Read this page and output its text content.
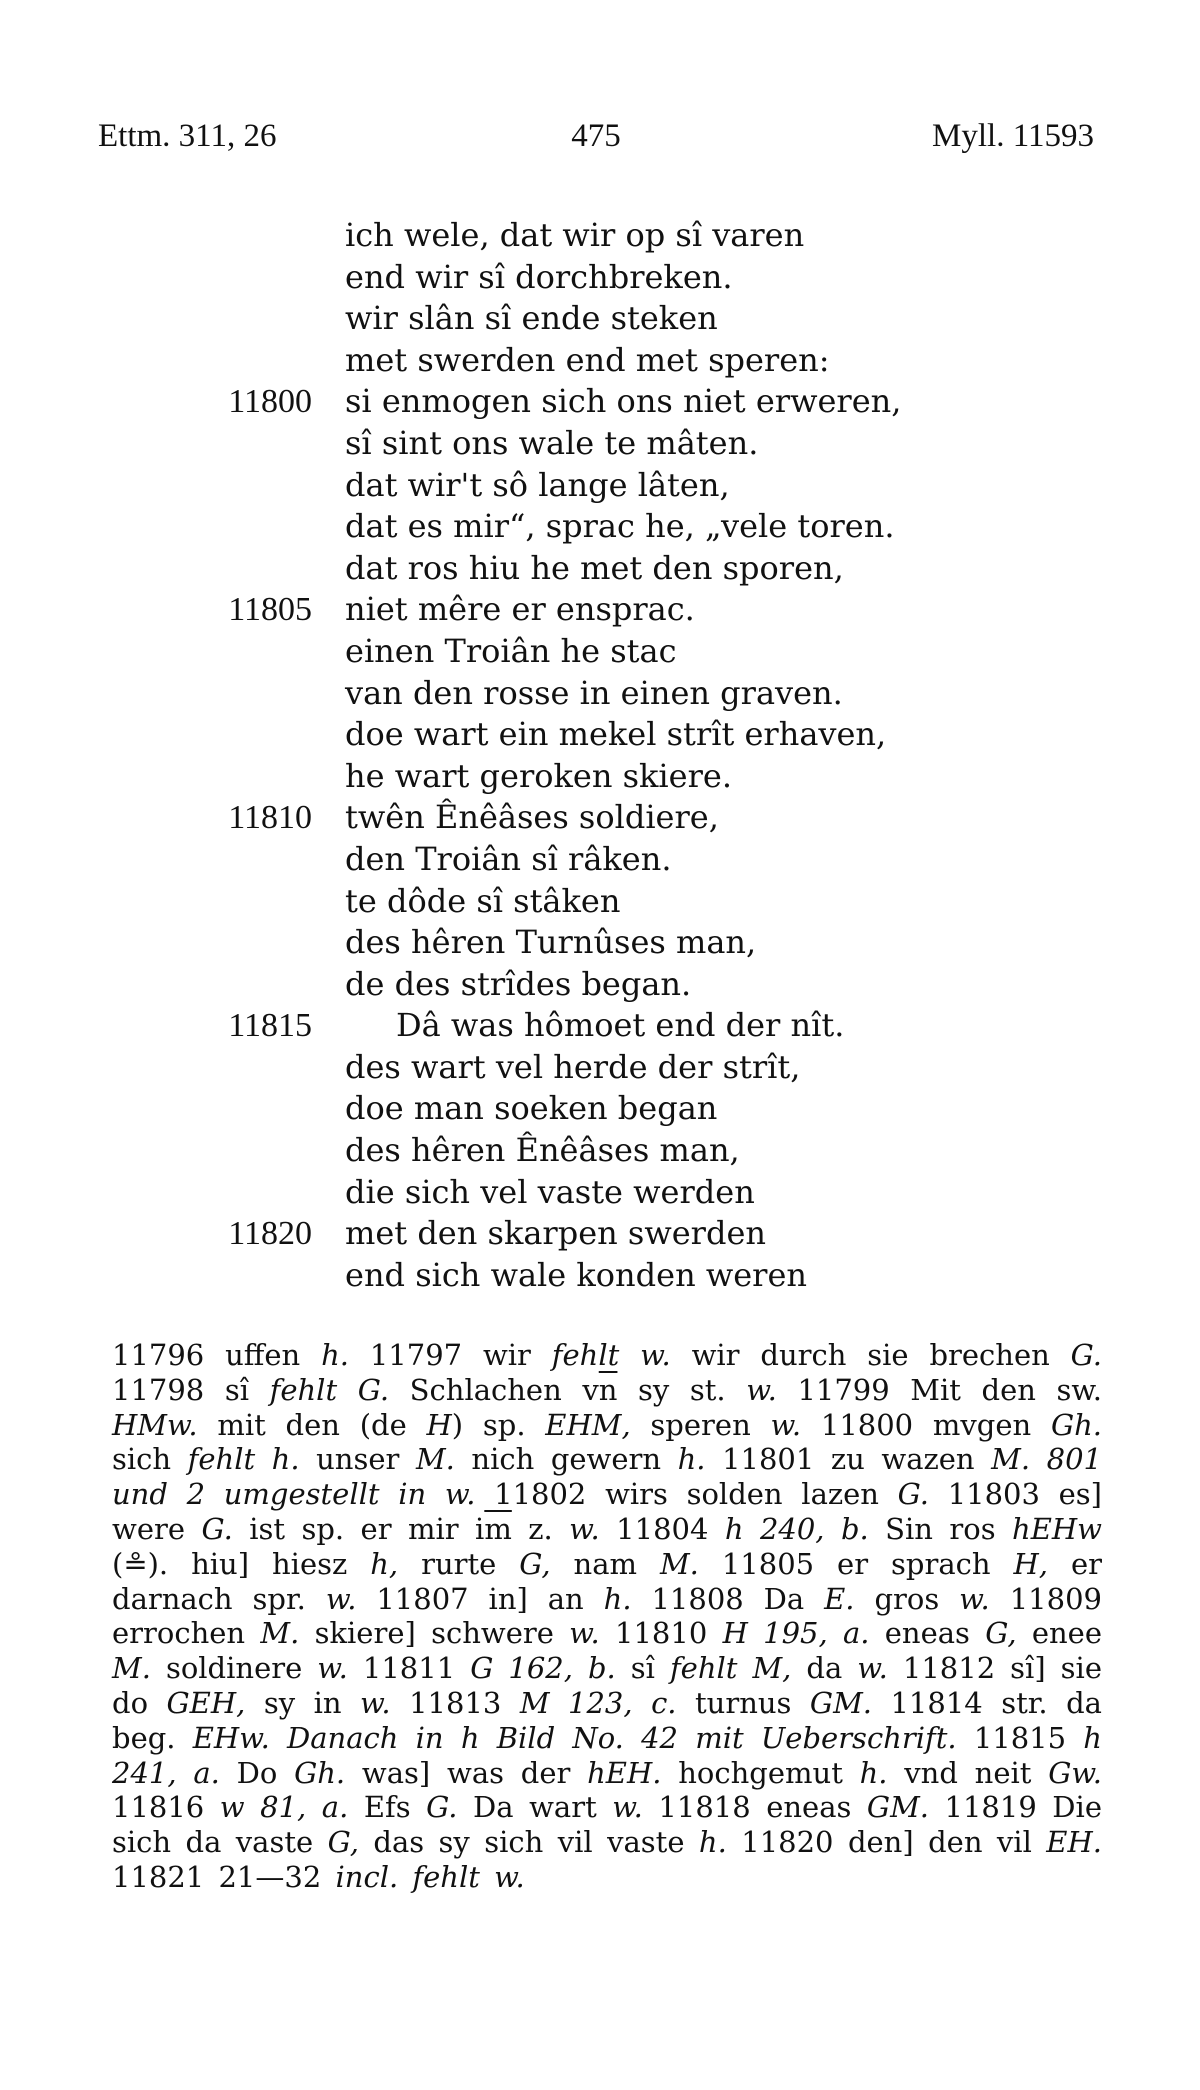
Ettm. 311, 26	475	Myll. 11593
ich wele, dat wir op sî varen
end wir sî dorchbreken.
wir slân sî ende steken
met swerden end met speren:
11800 si enmogen sich ons niet erweren,
sî sint ons wale te mâten.
dat wir't sô lange lâten,
dat es mir“, sprac he, „vele toren.
dat ros hiu he met den sporen,
11805 niet mêre er ensprac.
einen Troiân he stac
van den rosse in einen graven.
doe wart ein mekel strît erhaven,
he wart geroken skiere.
11810 twên Ênêâses soldiere,
den Troiân sî râken.
te dôde sî stâken
des hêren Turnûses man,
de des strîdes began.
11815	Dâ was hômoet end der nît.
des wart vel herde der strît,
doe man soeken began
des hêren Ênêâses man,
die sich vel vaste werden
11820 met den skarpen swerden
end sich wale konden weren

11796 uffen h. 11797 wir fehlt w. wir durch sie brechen G. 11798 sî fehlt G. Schlachen $v\overline{n}$ sy st. w. 11799 Mit den sw. HMw. mit den (de H) sp. EHM, speren w. 11800 mvgen Gh. sich fehlt h. unser M. nich gewern h. 11801 zu wazen M. 801 und 2 umgestellt in w. 11802 wirs solden lazen G. 11803 es] were G. ist sp. er mir $i\overline{m}$ z. w. 11804 h 240, b. Sin ros hEHw (≗). hiu] hiesz h, rurte G, nam M. 11805 er sprach H, er darnach spr. w. 11807 in] an h. 11808 Da E. gros w. 11809 errochen M. skiere] schwere w. 11810 H 195, a. eneas G, enee M. soldinere w. 11811 G 162, b. sî fehlt M, da w. 11812 sî] sie do GEH, sy in w. 11813 M 123, c. turnus GM. 11814 str. da beg. EHw. Danach in h Bild No. 42 mit Ueberschrift. 11815 h 241, a. Do Gh. was] was der hEH. hochgemut h. vnd neit Gw. 11816 w 81, a. Efs G. Da wart w. 11818 eneas GM. 11819 Die sich da vaste G, das sy sich vil vaste h. 11820 den] den vil EH. 11821 21—32 incl. fehlt w.
